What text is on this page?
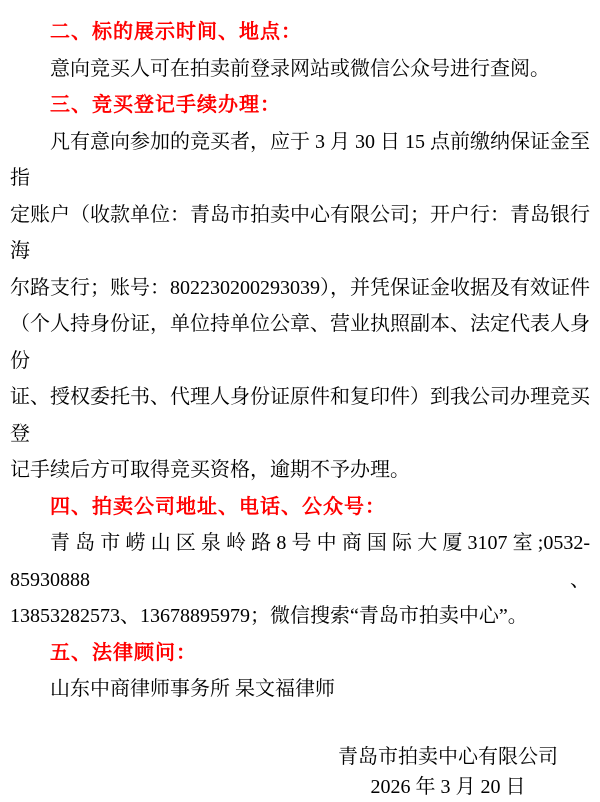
二、标的展示时间、地点：
意向竞买人可在拍卖前登录网站或微信公众号进行查阅。
三、竞买登记手续办理：
凡有意向参加的竞买者，应于 3 月 30 日 15 点前缴纳保证金至指
定账户（收款单位：青岛市拍卖中心有限公司；开户行：青岛银行海
尔路支行；账号：802230200293039），并凭保证金收据及有效证件
（个人持身份证，单位持单位公章、营业执照副本、法定代表人身份
证、授权委托书、代理人身份证原件和复印件）到我公司办理竞买登
记手续后方可取得竞买资格，逾期不予办理。
四、拍卖公司地址、电话、公众号：
青岛市崂山区泉岭路8号中商国际大厦3107室;0532-85930888、
13853282573、13678895979；微信搜索“青岛市拍卖中心”。
五、法律顾问：
山东中商律师事务所 杲文福律师
青岛市拍卖中心有限公司
2026 年 3 月 20 日
